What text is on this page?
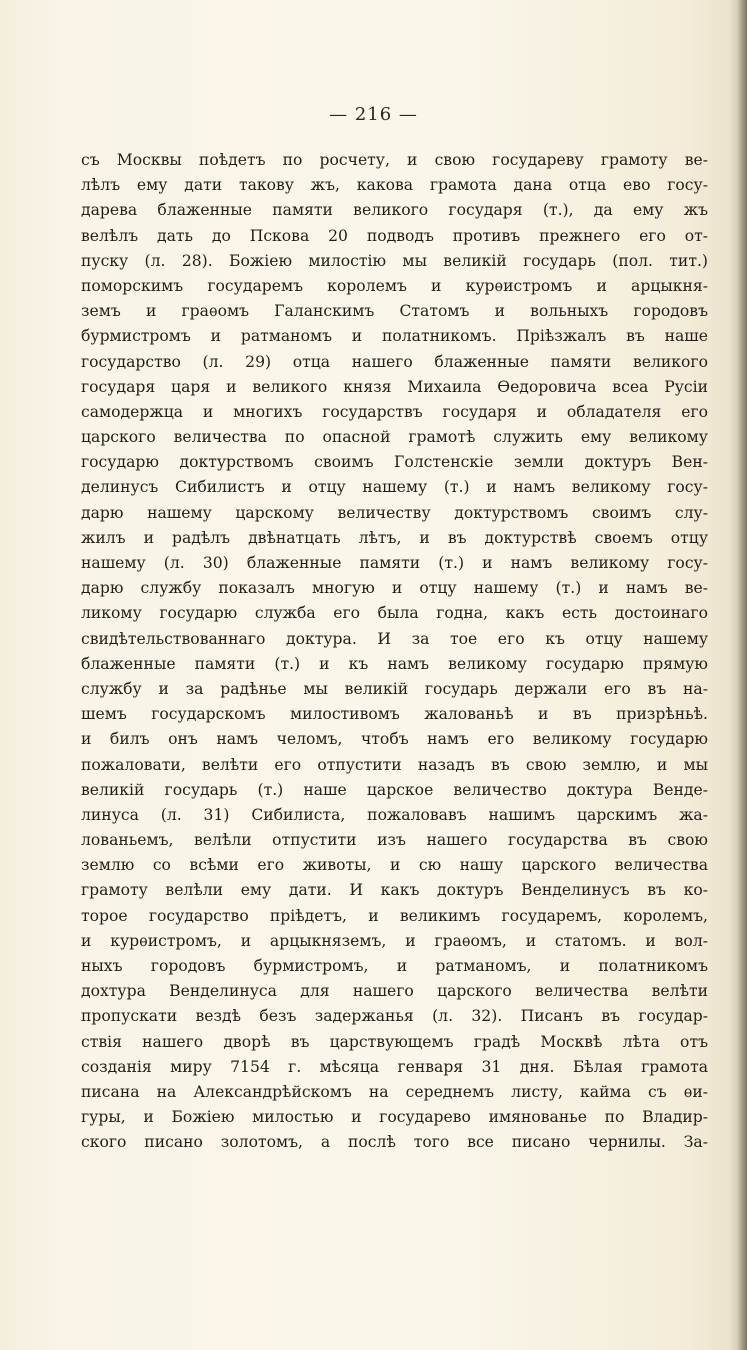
— 216 —
съ Москвы поѣдетъ по росчету, и свою государеву грамоту ве-
лѣлъ ему дати такову жъ, какова грамота дана отца ево госу-
дарева блаженные памяти великого государя (т.), да ему жъ
велѣлъ дать до Пскова 20 подводъ противъ прежнего его от-
пуску (л. 28). Божiею милостiю мы великiй государь (пол. тит.)
поморскимъ государемъ королемъ и курѳистромъ и арцыкня-
земъ и граѳомъ Галанскимъ Статомъ и вольныхъ городовъ
бурмистромъ и ратманомъ и полатникомъ. Прiѣзжалъ въ наше
государство (л. 29) отца нашего блаженные памяти великого
государя царя и великого князя Михаила Ѳедоровича всеа Русiи
самодержца и многихъ государствъ государя и обладателя его
царского величества по опасной грамотѣ служить ему великому
государю доктурствомъ своимъ Голстенскiе земли доктуръ Вен-
делинусъ Сибилистъ и отцу нашему (т.) и намъ великому госу-
дарю нашему царскому величеству доктурствомъ своимъ слу-
жилъ и радѣлъ двѣнатцать лѣтъ, и въ доктурствѣ своемъ отцу
нашему (л. 30) блаженные памяти (т.) и намъ великому госу-
дарю службу показалъ многую и отцу нашему (т.) и намъ ве-
ликому государю служба его была годна, какъ есть достоинаго
свидѣтельствованнаго доктура. И за тое его къ отцу нашему
блаженные памяти (т.) и къ намъ великому государю прямую
службу и за радѣнье мы великiй государь держали его въ на-
шемъ государскомъ милостивомъ жалованьѣ и въ призрѣньѣ.
и билъ онъ намъ челомъ, чтобъ намъ его великому государю
пожаловати, велѣти его отпустити назадъ въ свою землю, и мы
великiй государь (т.) наше царское величество доктура Венде-
линуса (л. 31) Сибилиста, пожаловавъ нашимъ царскимъ жа-
лованьемъ, велѣли отпустити изъ нашего государства въ свою
землю со всѣми его животы, и сю нашу царского величества
грамоту велѣли ему дати. И какъ доктуръ Венделинусъ въ ко-
торое государство прiѣдетъ, и великимъ государемъ, королемъ,
и курѳистромъ, и арцыкняземъ, и граѳомъ, и статомъ. и вол-
ныхъ городовъ бурмистромъ, и ратманомъ, и полатникомъ
дохтура Венделинуса для нашего царского величества велѣти
пропускати вездѣ безъ задержанья (л. 32). Писанъ въ государ-
ствiя нашего дворѣ въ царствующемъ градѣ Москвѣ лѣта отъ
созданiя миру 7154 г. мѣсяца генваря 31 дня. Бѣлая грамота
писана на Александрѣйскомъ на середнемъ листу, кайма съ ѳи-
гуры, и Божiею милостью и государево имянованье по Владир-
ского писано золотомъ, а послѣ того все писано чернилы. За-
